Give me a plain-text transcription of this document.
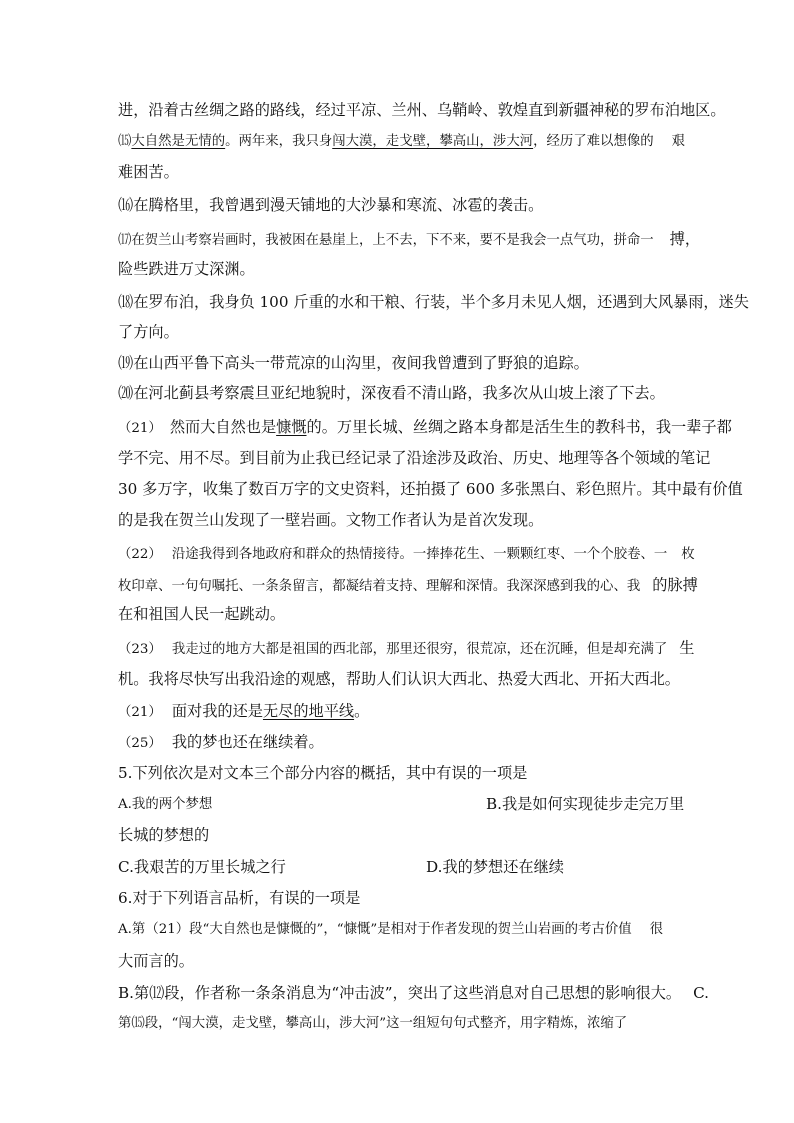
进，沿着古丝绸之路的路线，经过平凉、兰州、乌鞘岭、敦煌直到新疆神秘的罗布泊地区。
⒂大自然是无情的。两年来，我只身闯大漠，走戈壁，攀高山，涉大河，经历了难以想像的 艰
难困苦。
⒃在腾格里，我曾遇到漫天铺地的大沙暴和寒流、冰雹的袭击。
⒄在贺兰山考察岩画时，我被困在悬崖上，上不去，下不来，要不是我会一点气功，拼命一 搏，
险些跌进万丈深渊。
⒅在罗布泊，我身负 100 斤重的水和干粮、行装，半个多月未见人烟，还遇到大风暴雨，迷失
了方向。
⒆在山西平鲁下高头一带荒凉的山沟里，夜间我曾遭到了野狼的追踪。
⒇在河北蓟县考察震旦亚纪地貌时，深夜看不清山路，我多次从山坡上滚了下去。
（21） 然而大自然也是慷慨的。万里长城、丝绸之路本身都是活生生的教科书，我一辈子都
学不完、用不尽。到目前为止我已经记录了沿途涉及政治、历史、地理等各个领域的笔记
30 多万字，收集了数百万字的文史资料，还拍摄了 600 多张黑白、彩色照片。其中最有价值
的是我在贺兰山发现了一壁岩画。文物工作者认为是首次发现。
（22） 沿途我得到各地政府和群众的热情接待。一捧捧花生、一颗颗红枣、一个个胶卷、一 枚
枚印章、一句句嘱托、一条条留言，都凝结着支持、理解和深情。我深深感到我的心、我 的脉搏
在和祖国人民一起跳动。
（23） 我走过的地方大都是祖国的西北部，那里还很穷，很荒凉，还在沉睡，但是却充满了 生
机。我将尽快写出我沿途的观感，帮助人们认识大西北、热爱大西北、开拓大西北。
（21） 面对我的还是无尽的地平线。
（25） 我的梦也还在继续着。
5.下列依次是对文本三个部分内容的概括，其中有误的一项是
A.我的两个梦想	B.我是如何实现徒步走完万里
长城的梦想的
C.我艰苦的万里长城之行	D.我的梦想还在继续
6.对于下列语言品析，有误的一项是
A.第（21）段“大自然也是慷慨的”，“慷慨”是相对于作者发现的贺兰山岩画的考古价值 很
大而言的。
B.第⑿段，作者称一条条消息为“冲击波”，突出了这些消息对自己思想的影响很大。 C.
第⒂段，“闯大漠，走戈壁，攀高山，涉大河”这一组短句句式整齐，用字精炼，浓缩了
